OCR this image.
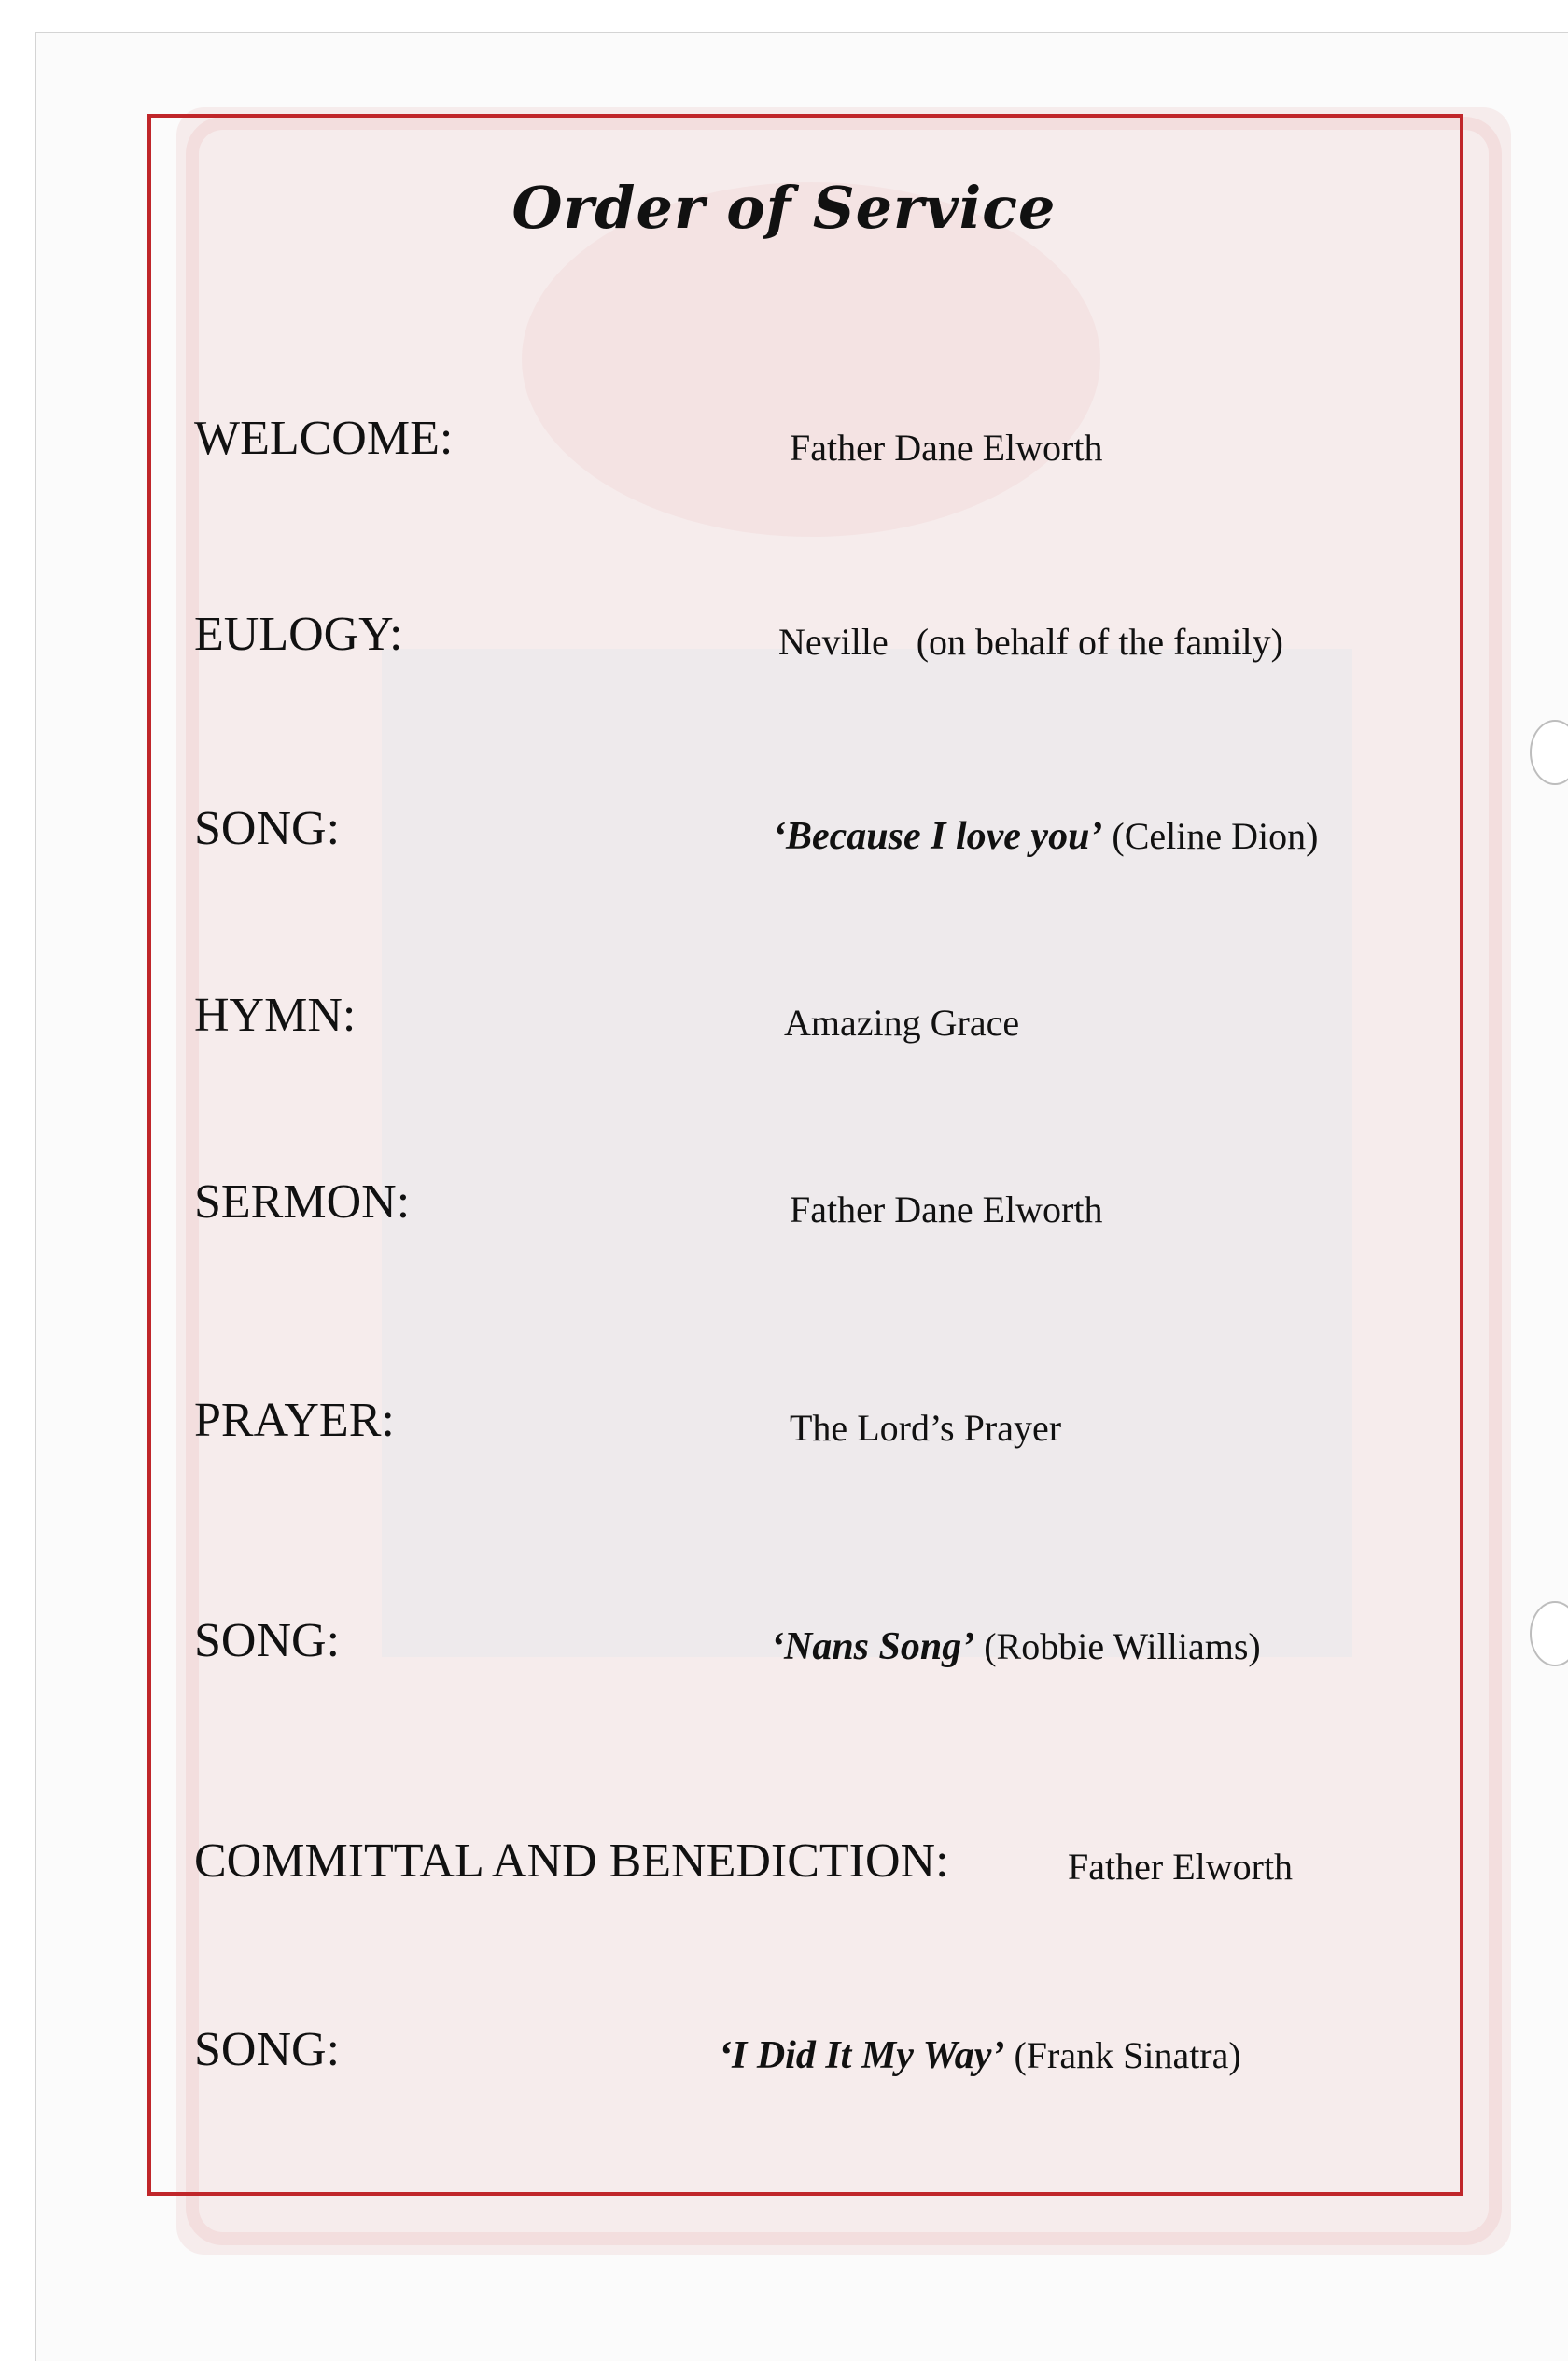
Order of Service
WELCOME:	Father Dane Elworth
EULOGY:	Neville   (on behalf of the family)
SONG:	‘Because I love you’ (Celine Dion)
HYMN:	Amazing Grace
SERMON:	Father Dane Elworth
PRAYER:	The Lord’s Prayer
SONG:	‘Nans Song’ (Robbie Williams)
COMMITTAL AND BENEDICTION:	Father Elworth
SONG:	‘I Did It My Way’ (Frank Sinatra)
